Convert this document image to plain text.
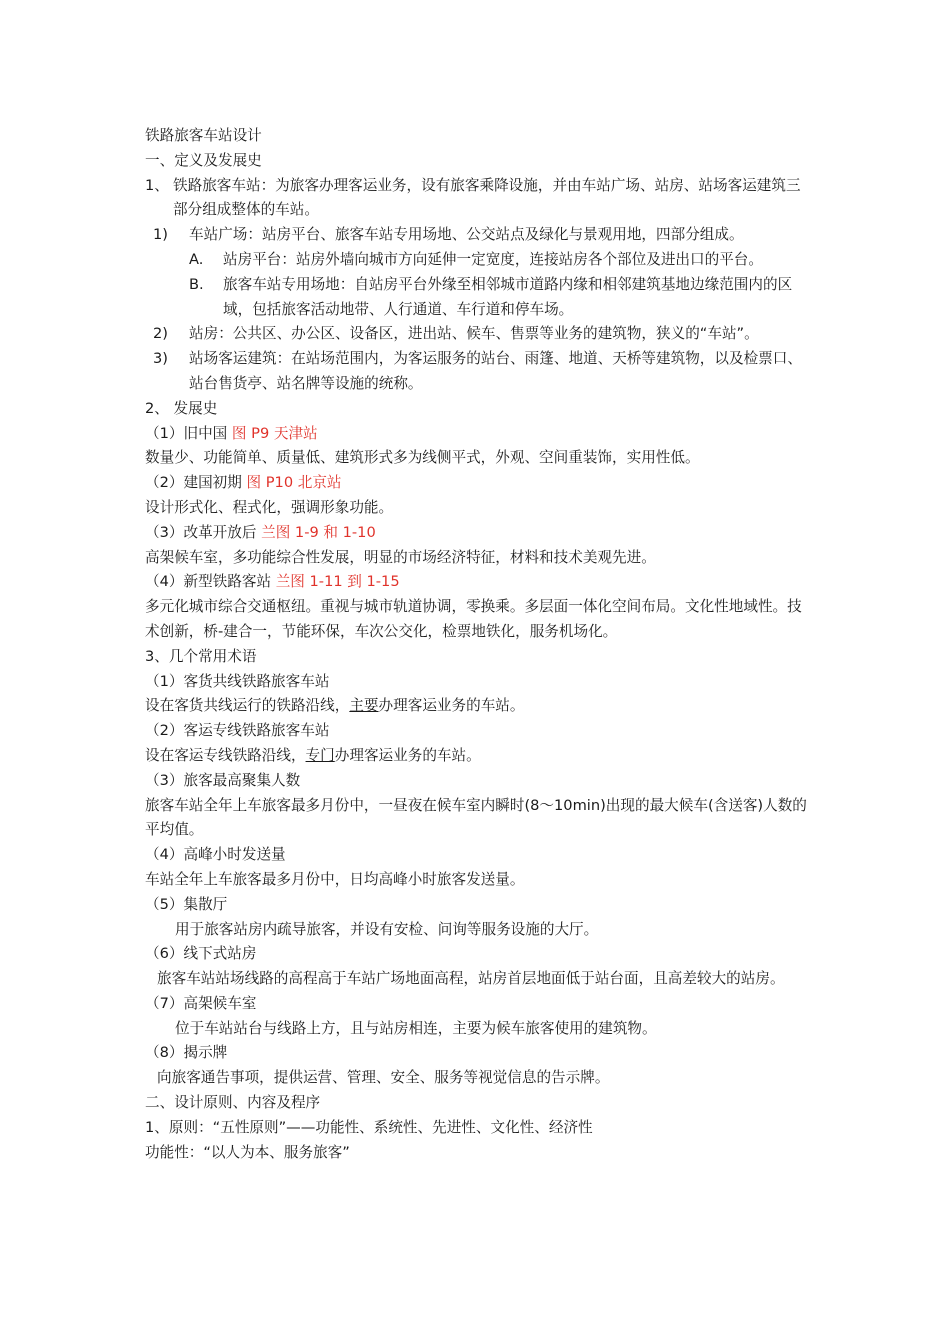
铁路旅客车站设计
一、定义及发展史
1、 铁路旅客车站：为旅客办理客运业务，设有旅客乘降设施，并由车站广场、站房、站场客运建筑三部分组成整体的车站。
1) 车站广场：站房平台、旅客车站专用场地、公交站点及绿化与景观用地，四部分组成。
A. 站房平台：站房外墙向城市方向延伸一定宽度，连接站房各个部位及进出口的平台。
B. 旅客车站专用场地：自站房平台外缘至相邻城市道路内缘和相邻建筑基地边缘范围内的区域，包括旅客活动地带、人行通道、车行道和停车场。
2) 站房：公共区、办公区、设备区，进出站、候车、售票等业务的建筑物，狭义的“车站”。
3) 站场客运建筑：在站场范围内，为客运服务的站台、雨篷、地道、天桥等建筑物，以及检票口、站台售货亭、站名牌等设施的统称。
2、 发展史
（1）旧中国 图 P9 天津站
数量少、功能简单、质量低、建筑形式多为线侧平式，外观、空间重装饰，实用性低。
（2）建国初期 图 P10 北京站
设计形式化、程式化，强调形象功能。
（3）改革开放后 兰图 1-9 和 1-10
高架候车室，多功能综合性发展，明显的市场经济特征，材料和技术美观先进。
（4）新型铁路客站 兰图 1-11 到 1-15
多元化城市综合交通枢纽。重视与城市轨道协调，零换乘。多层面一体化空间布局。文化性地域性。技术创新，桥-建合一，节能环保，车次公交化，检票地铁化，服务机场化。
3、几个常用术语
（1）客货共线铁路旅客车站
设在客货共线运行的铁路沿线，主要办理客运业务的车站。
（2）客运专线铁路旅客车站
设在客运专线铁路沿线，专门办理客运业务的车站。
（3）旅客最高聚集人数
旅客车站全年上车旅客最多月份中，一昼夜在候车室内瞬时(8～10min)出现的最大候车(含送客)人数的平均值。
（4）高峰小时发送量
车站全年上车旅客最多月份中，日均高峰小时旅客发送量。
（5）集散厅
用于旅客站房内疏导旅客，并设有安检、问询等服务设施的大厅。
（6）线下式站房
旅客车站站场线路的高程高于车站广场地面高程，站房首层地面低于站台面，且高差较大的站房。
（7）高架候车室
位于车站站台与线路上方，且与站房相连，主要为候车旅客使用的建筑物。
（8）揭示牌
向旅客通告事项，提供运营、管理、安全、服务等视觉信息的告示牌。
二、设计原则、内容及程序
1、原则：“五性原则”——功能性、系统性、先进性、文化性、经济性
功能性：“以人为本、服务旅客”
